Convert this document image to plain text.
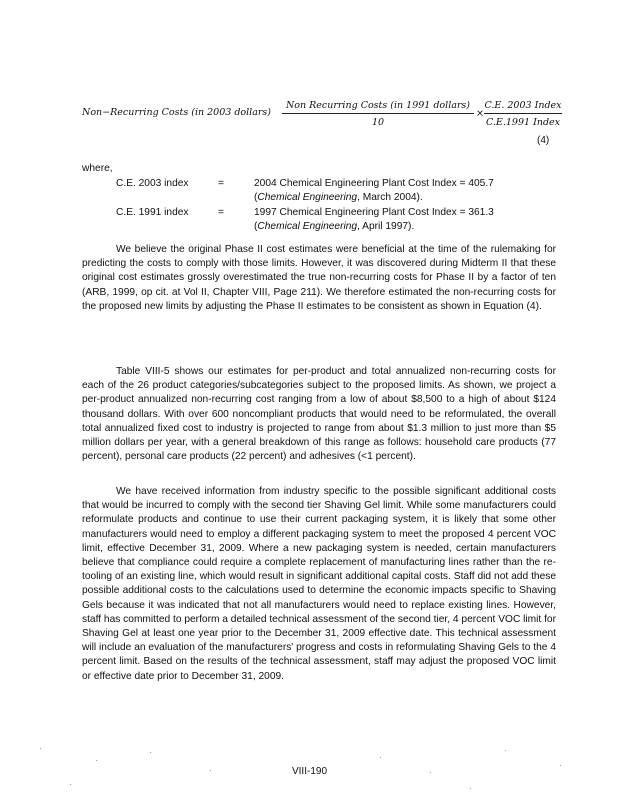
Non−Recurring Costs (in 2003 dollars)
Non Recurring Costs (in 1991 dollars)
10
×
C.E. 2003 Index
C.E.1991 Index
(4)
where,
C.E. 2003 index	=	2004 Chemical Engineering Plant Cost Index = 405.7
(Chemical Engineering, March 2004).
C.E. 1991 index	=	1997 Chemical Engineering Plant Cost Index = 361.3
(Chemical Engineering, April 1997).

We believe the original Phase II cost estimates were beneficial at the time of the rulemaking for predicting the costs to comply with those limits. However, it was discovered during Midterm II that these original cost estimates grossly overestimated the true non-recurring costs for Phase II by a factor of ten (ARB, 1999, op cit. at Vol II, Chapter VIII, Page 211). We therefore estimated the non-recurring costs for the proposed new limits by adjusting the Phase II estimates to be consistent as shown in Equation (4).

Table VIII-5 shows our estimates for per-product and total annualized non-recurring costs for each of the 26 product categories/subcategories subject to the proposed limits. As shown, we project a per-product annualized non-recurring cost ranging from a low of about $8,500 to a high of about $124 thousand dollars. With over 600 noncompliant products that would need to be reformulated, the overall total annualized fixed cost to industry is projected to range from about $1.3 million to just more than $5 million dollars per year, with a general breakdown of this range as follows: household care products (77 percent), personal care products (22 percent) and adhesives (<1 percent).

We have received information from industry specific to the possible significant additional costs that would be incurred to comply with the second tier Shaving Gel limit. While some manufacturers could reformulate products and continue to use their current packaging system, it is likely that some other manufacturers would need to employ a different packaging system to meet the proposed 4 percent VOC limit, effective December 31, 2009. Where a new packaging system is needed, certain manufacturers believe that compliance could require a complete replacement of manufacturing lines rather than the re-tooling of an existing line, which would result in significant additional capital costs. Staff did not add these possible additional costs to the calculations used to determine the economic impacts specific to Shaving Gels because it was indicated that not all manufacturers would need to replace existing lines. However, staff has committed to perform a detailed technical assessment of the second tier, 4 percent VOC limit for Shaving Gel at least one year prior to the December 31, 2009 effective date. This technical assessment will include an evaluation of the manufacturers' progress and costs in reformulating Shaving Gels to the 4 percent limit. Based on the results of the technical assessment, staff may adjust the proposed VOC limit or effective date prior to December 31, 2009.

VIII-190
